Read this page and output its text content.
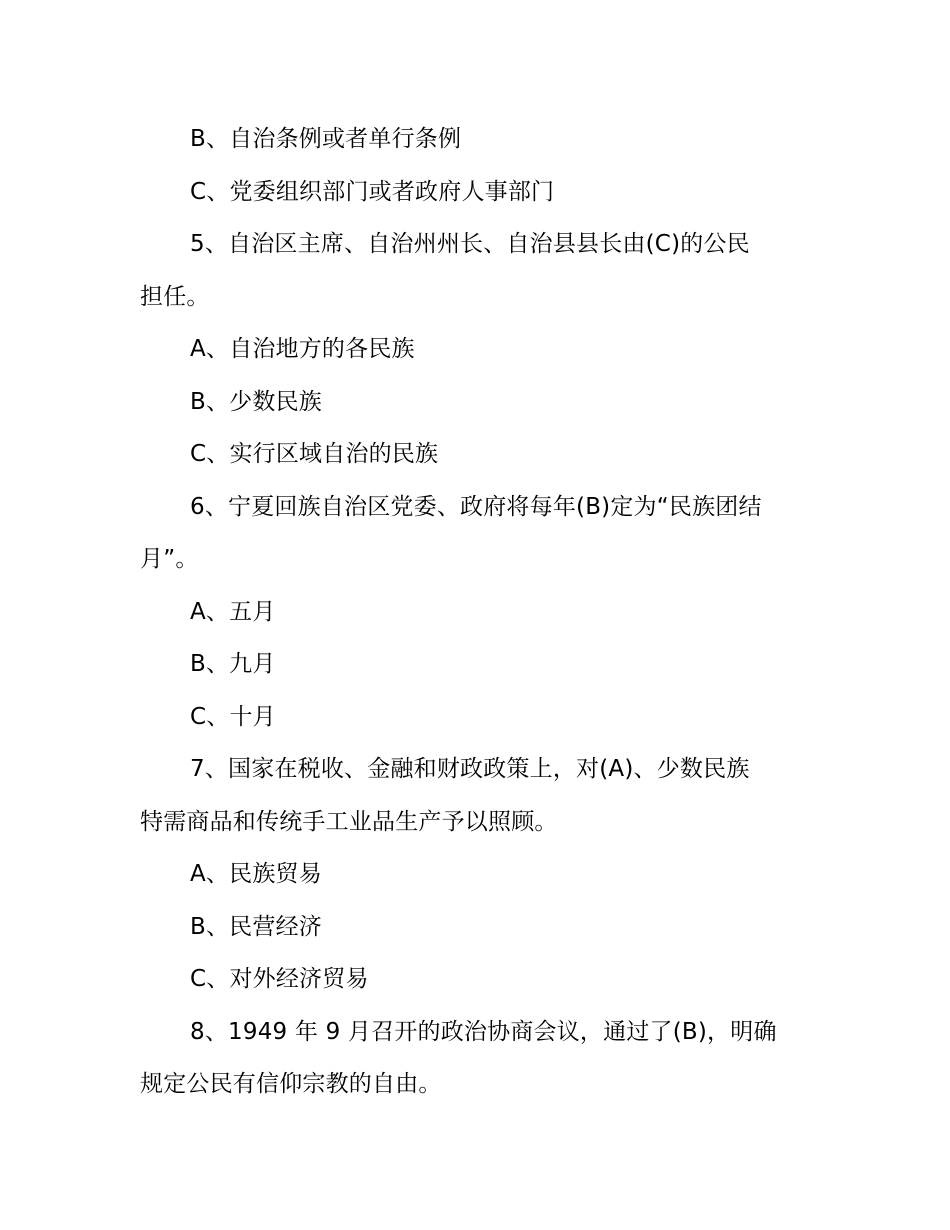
B、自治条例或者单行条例
C、党委组织部门或者政府人事部门
5、自治区主席、自治州州长、自治县县长由(C)的公民
担任。
A、自治地方的各民族
B、少数民族
C、实行区域自治的民族
6、宁夏回族自治区党委、政府将每年(B)定为“民族团结
月”。
A、五月
B、九月
C、十月
7、国家在税收、金融和财政政策上，对(A)、少数民族
特需商品和传统手工业品生产予以照顾。
A、民族贸易
B、民营经济
C、对外经济贸易
8、1949 年 9 月召开的政治协商会议，通过了(B)，明确
规定公民有信仰宗教的自由。
